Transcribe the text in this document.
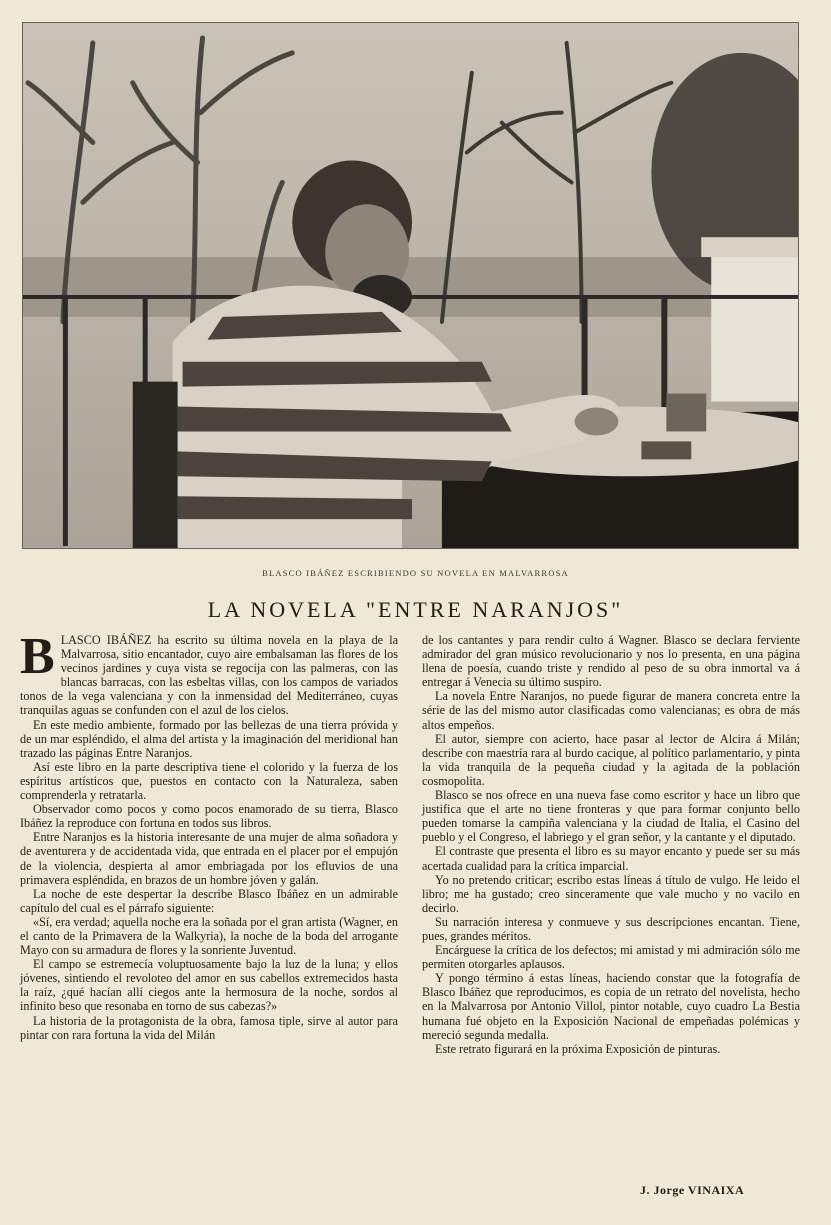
BLASCO IBÁÑEZ ESCRIBIENDO SU NOVELA EN MALVARROSA
LA NOVELA "ENTRE NARANJOS"

BLASCO IBÁÑEZ ha escrito su última novela en la playa de la Malvarrosa, sitio encantador, cuyo aire embalsaman las flores de los vecinos jardines y cuya vista se regocija con las palmeras, con las blancas barracas, con las esbeltas villas, con los campos de variados tonos de la vega valenciana y con la inmensidad del Mediterráneo, cuyas tranquilas aguas se confunden con el azul de los cielos.

En este medio ambiente, formado por las bellezas de una tierra próvida y de un mar espléndido, el alma del artista y la imaginación del meridional han trazado las páginas Entre Naranjos.

Así este libro en la parte descriptiva tiene el colorido y la fuerza de los espíritus artísticos que, puestos en contacto con la Naturaleza, saben comprenderla y retratarla.

Observador como pocos y como pocos enamorado de su tierra, Blasco Ibáñez la reproduce con fortuna en todos sus libros.

Entre Naranjos es la historia interesante de una mujer de alma soñadora y de aventurera y de accidentada vida, que entrada en el placer por el empujón de la violencia, despierta al amor embriagada por los efluvios de una primavera espléndida, en brazos de un hombre jóven y galán.

La noche de este despertar la describe Blasco Ibáñez en un admirable capítulo del cual es el párrafo siguiente:

«Sí, era verdad; aquella noche era la soñada por el gran artista (Wagner, en el canto de la Primavera de la Walkyria), la noche de la boda del arrogante Mayo con su armadura de flores y la sonriente Juventud.

El campo se estremecía voluptuosamente bajo la luz de la luna; y ellos jóvenes, sintiendo el revoloteo del amor en sus cabellos extremecidos hasta la raíz, ¿qué hacían allí ciegos ante la hermosura de la noche, sordos al infinito beso que resonaba en torno de sus cabezas?»

La historia de la protagonista de la obra, famosa tiple, sirve al autor para pintar con rara fortuna la vida del Milán

de los cantantes y para rendir culto á Wagner. Blasco se declara ferviente admirador del gran músico revolucionario y nos lo presenta, en una página llena de poesía, cuando triste y rendido al peso de su obra inmortal va á entregar á Venecia su último suspiro.

La novela Entre Naranjos, no puede figurar de manera concreta entre la série de las del mismo autor clasificadas como valencianas; es obra de más altos empeños.

El autor, siempre con acierto, hace pasar al lector de Alcira á Milán; describe con maestría rara al burdo cacique, al político parlamentario, y pinta la vida tranquila de la pequeña ciudad y la agitada de la población cosmopolita.

Blasco se nos ofrece en una nueva fase como escritor y hace un libro que justifica que el arte no tiene fronteras y que para formar conjunto bello pueden tomarse la campiña valenciana y la ciudad de Italia, el Casino del pueblo y el Congreso, el labriego y el gran señor, y la cantante y el diputado.

El contraste que presenta el libro es su mayor encanto y puede ser su más acertada cualidad para la crítica imparcial.

Yo no pretendo criticar; escribo estas líneas á título de vulgo. He leido el libro; me ha gustado; creo sinceramente que vale mucho y no vacilo en decirlo.

Su narración interesa y conmueve y sus descripciones encantan. Tiene, pues, grandes méritos.

Encárguese la crítica de los defectos; mi amistad y mi admiración sólo me permiten otorgarles aplausos.

Y pongo término á estas líneas, haciendo constar que la fotografía de Blasco Ibáñez que reproducimos, es copia de un retrato del novelista, hecho en la Malvarrosa por Antonio Villol, pintor notable, cuyo cuadro La Bestia humana fué objeto en la Exposición Nacional de empeñadas polémicas y mereció segunda medalla.

Este retrato figurará en la próxima Exposición de pinturas.

J. Jorge VINAIXA
